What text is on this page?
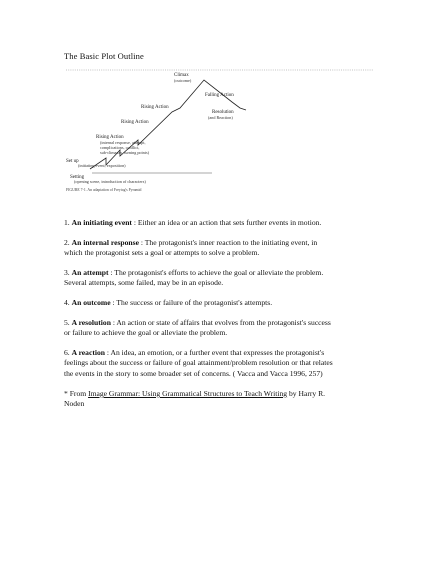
The Basic Plot Outline
Climax
(outcome)
Falling Action
Resolution
(and Reaction)
Rising Action
Rising Action
Rising Action
(internal response, attempt,
complications, conflict,
sub-climaxes, turning points)
Set up
(initiating event, exposition)
Setting
(opening scene, introduction of characters)
FIGURE 7-1. An adaptation of Freytag's Pyramid
1. An initiating event : Either an idea or an action that sets further events in motion.
2. An internal response : The protagonist's inner reaction to the initiating event, in
which the protagonist sets a goal or attempts to solve a problem.
3. An attempt : The protagonist's efforts to achieve the goal or alleviate the problem.
Several attempts, some failed, may be in an episode.
4. An outcome : The success or failure of the protagonist's attempts.
5. A resolution : An action or state of affairs that evolves from the protagonist's success
or failure to achieve the goal or alleviate the problem.
6. A reaction : An idea, an emotion, or a further event that expresses the protagonist's
feelings about the success or failure of goal attainment/problem resolution or that relates
the events in the story to some broader set of concerns. ( Vacca and Vacca 1996, 257)
* From Image Grammar: Using Grammatical Structures to Teach Writing by Harry R.
Noden
